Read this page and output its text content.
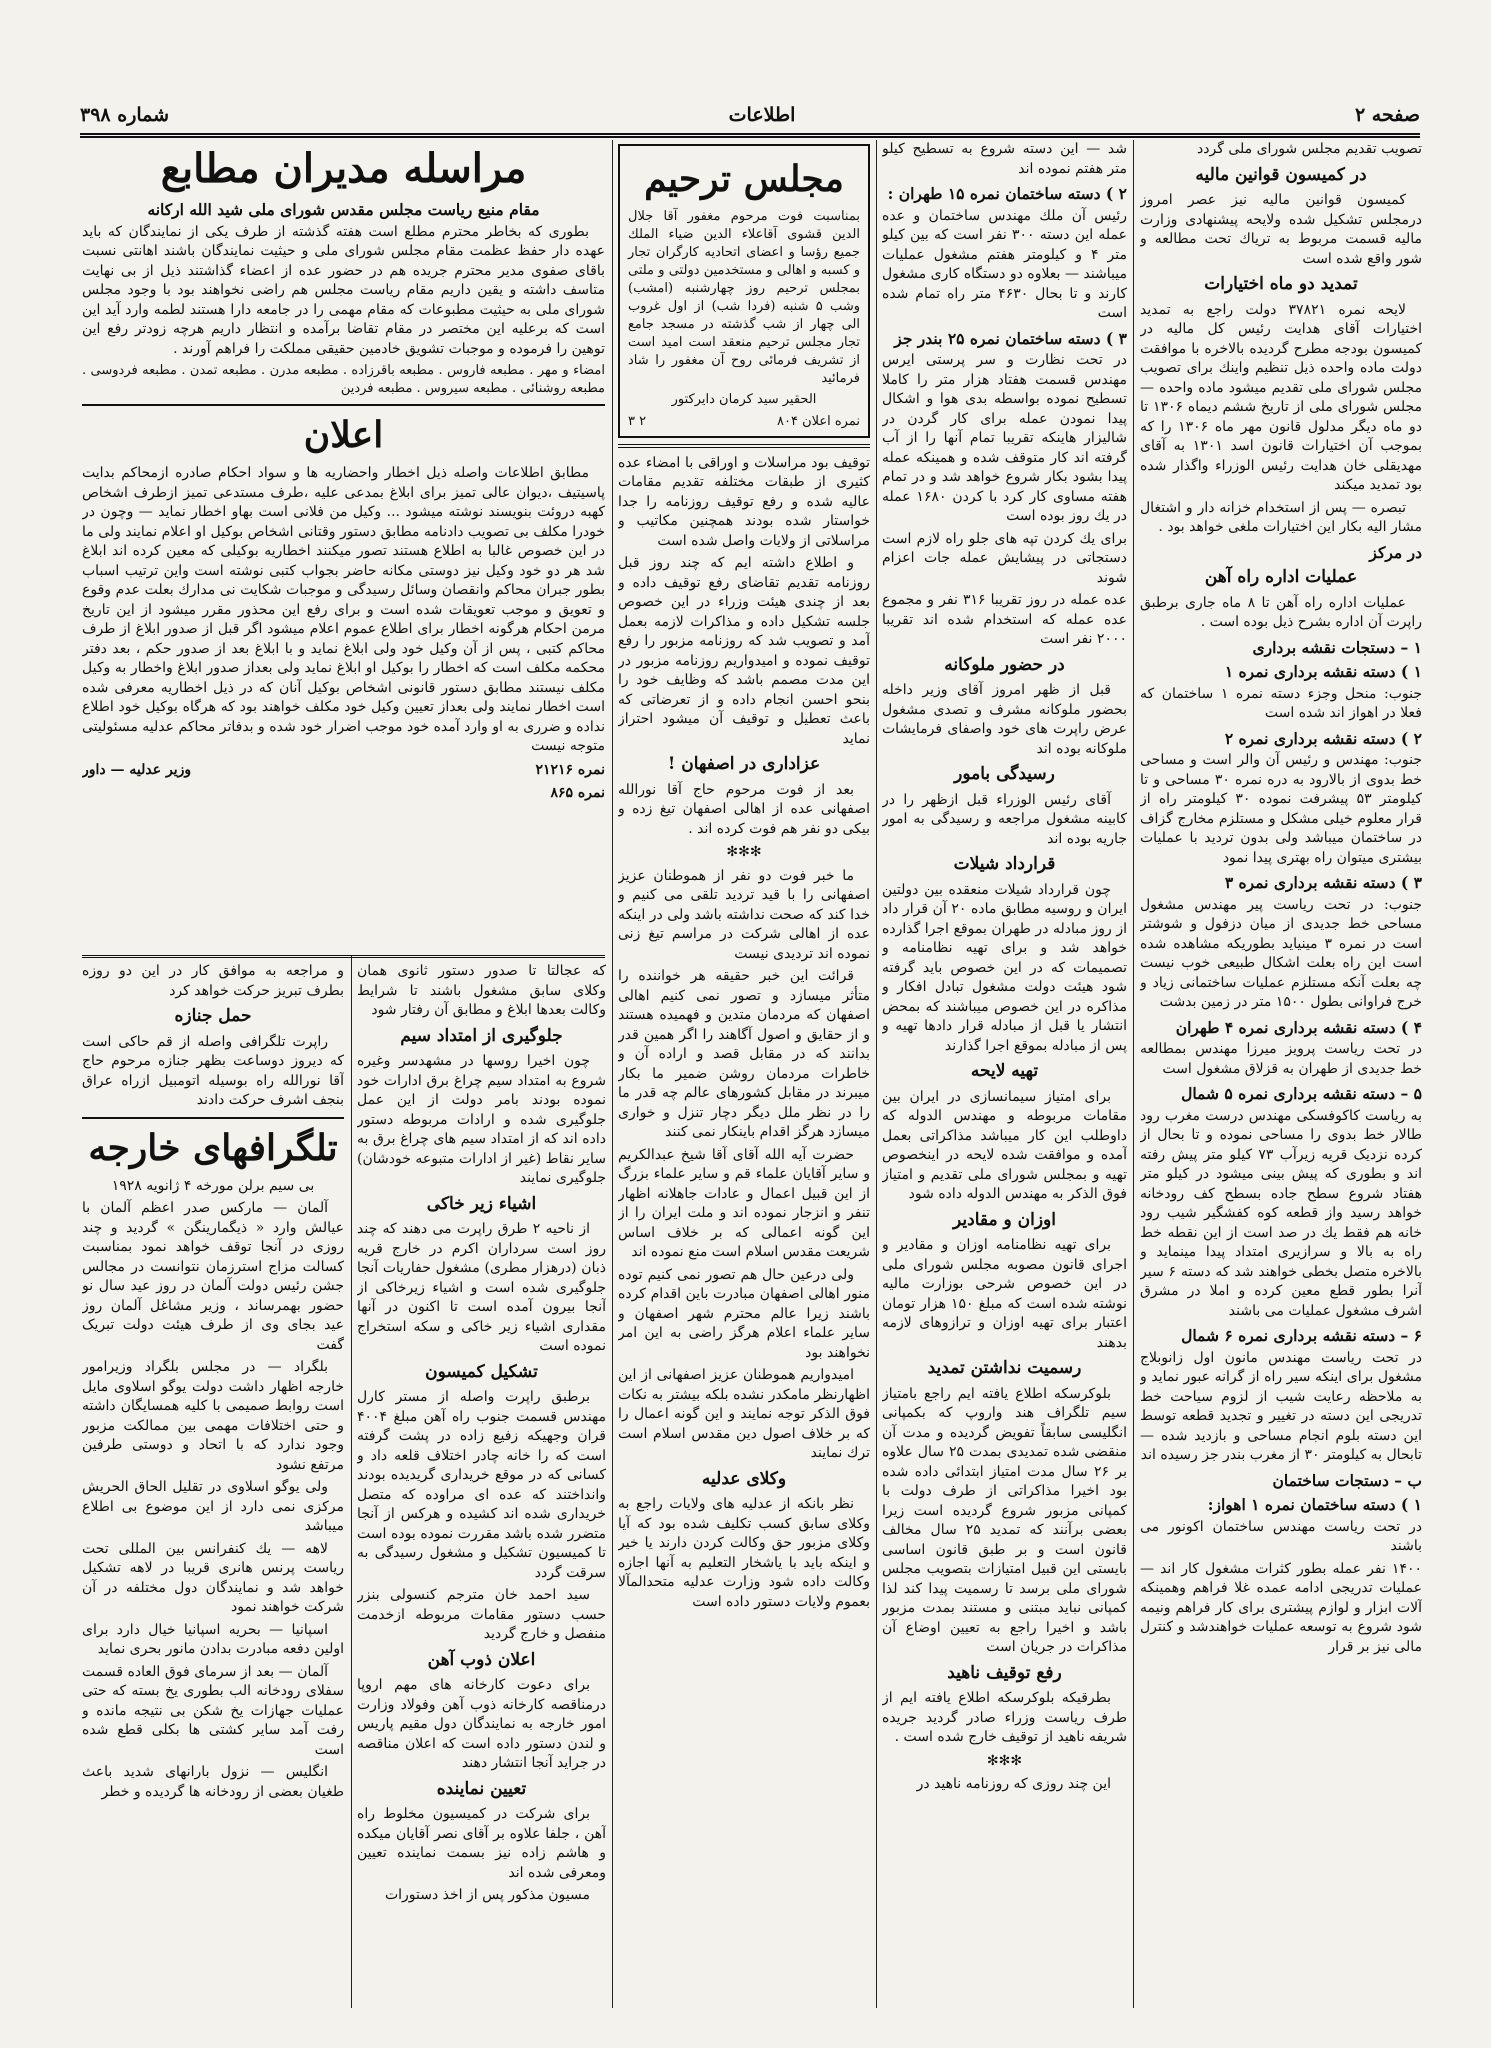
صفحه ۲
اطلاعات
شماره ۳۹۸

تصویب تقدیم مجلس شورای ملی گردد

در کمیسون قوانین مالیه

کمیسون قوانین مالیه نیز عصر امروز درمجلس تشکیل شده ولایحه پیشنهادی وزارت مالیه قسمت مربوط به تریاك تحت مطالعه و شور واقع شده است

تمدید دو ماه اختیارات

لایحه نمره ۳۷۸۲۱ دولت راجع به تمدید اختیارات آقای هدایت رئیس کل مالیه در کمیسون بودجه مطرح گردیده بالاخره با موافقت دولت ماده واحده ذیل تنظیم واینك برای تصویب مجلس شورای ملی تقدیم میشود ماده واحده — مجلس شورای ملی از تاریخ ششم دیماه ۱۳۰۶ تا دو ماه دیگر مدلول قانون مهر ماه ۱۳۰۶ را که بموجب آن اختیارات قانون اسد ۱۳۰۱ به آقای مهدیقلی خان هدایت رئیس الوزراء واگذار شده بود تمدید میکند

تبصره — پس از استخدام خزانه دار و اشتغال مشار الیه بکار این اختیارات ملغی خواهد بود .

در مرکز
عملیات اداره راه آهن

عملیات اداره راه آهن تا ۸ ماه جاری برطبق راپرت آن اداره بشرح ذیل بوده است .

۱ – دستجات نقشه برداری
۱ ) دسته نقشه برداری نمره ۱

جنوب: منحل وجزء دسته نمره ۱ ساختمان که فعلا در اهواز اند شده است

۲ ) دسته نقشه برداری نمره ۲

جنوب: مهندس و رئیس آن والر است و مساحی خط بدوی از بالارود به دره نمره ۳۰ مساحی و تا کیلومتر ۵۳ پیشرفت نموده ۳۰ کیلومتر راه از قرار معلوم خیلی مشکل و مستلزم مخارج گزاف در ساختمان میباشد ولی بدون تردید با عملیات بیشتری میتوان راه بهتری پیدا نمود

۳ ) دسته نقشه برداری نمره ۳

جنوب: در تحت ریاست پیر مهندس مشغول مساحی خط جدیدی از میان دزفول و شوشتر است در نمره ۳ مینیاید بطوریکه مشاهده شده است این راه بعلت اشکال طبیعی خوب نیست چه بعلت آنکه مستلزم عملیات ساختمانی زیاد و خرج فراوانی بطول ۱۵۰۰ متر در زمین بدشت

۴ ) دسته نقشه برداری نمره ۴ طهران

در تحت ریاست پرویز میرزا مهندس بمطالعه خط جدیدی از طهران به قزلاق مشغول است

۵ – دسته نقشه برداری نمره ۵ شمال

به ریاست کاکوفسکی مهندس درست مغرب رود طالار خط بدوی را مساحی نموده و تا بحال از کرده نزدیک قریه زیرآب ۷۳ کیلو متر پیش رفته اند و بطوری که پیش بینی میشود در کیلو متر هفتاد شروع سطح جاده بسطح کف رودخانه خواهد رسید واز قطعه کوه کفشگیر شیب رود خانه هم فقط یك در صد است از این نقطه خط راه به بالا و سرازیری امتداد پیدا مینماید و بالاخره متصل بخطی خواهند شد که دسته ۶ سیر آنرا بطور قطع معین کرده و املا در مشرق اشرف مشغول عملیات می باشند

۶ – دسته نقشه برداری نمره ۶ شمال

در تحت ریاست مهندس مانون اول زانوبلاج مشغول برای اینکه سیر راه از گرانه عبور نماید و به ملاحظه رعایت شیب از لزوم سیاحت خط تدریجی این دسته در تغییر و تجدید قطعه توسط این دسته بلوم انجام مساحی و بازدید شده — تابحال به کیلومتر ۳۰ از مغرب بندر جز رسیده اند

ب – دستجات ساختمان
۱ ) دسته ساختمان نمره ۱ اهواز:

در تحت ریاست مهندس ساختمان اکونور می باشند

۱۴۰۰ نفر عمله بطور کثرات مشغول کار اند — عملیات تدریجی ادامه عمده غلا فراهم وهمینکه آلات ابزار و لوازم پیشتری برای کار فراهم ونیمه شود شروع به توسعه عملیات خواهندشد و کنترل مالی نیز بر قرار

شد — این دسته شروع به تسطیح کیلو متر هفتم نموده اند

۲ ) دسته ساختمان نمره ۱۵ طهران :

رئیس آن ملك مهندس ساختمان و عده عمله این دسته ۳۰۰ نفر است که بین کیلو متر ۴ و کیلومتر هفتم مشغول عملیات میباشند — بعلاوه دو دستگاه کاری مشغول کارند و تا بحال ۴۶۳۰ متر راه تمام شده است

۳ ) دسته ساختمان نمره ۲۵ بندر جز

در تحت نظارت و سر پرستی ایرس مهندس قسمت هفتاد هزار متر را کاملا تسطیح نموده بواسطه بدی هوا و اشکال پیدا نمودن عمله برای کار گردن در شالیزار هاینکه تقریبا تمام آنها را از آب گرفته اند کار متوقف شده و همینکه عمله پیدا بشود بکار شروع خواهد شد و در تمام هفته مساوی کار کرد با کردن ۱۶۸۰ عمله در یك روز بوده است

برای یك کردن تپه های جلو راه لازم است دستجاتی در پیشایش عمله جات اعزام شوند

عده عمله در روز تقریبا ۳۱۶ نفر و مجموع عده عمله که استخدام شده اند تقریبا ۲۰۰۰ نفر است

در حضور ملوکانه

قبل از ظهر امروز آقای وزیر داخله بحضور ملوکانه مشرف و تصدی مشغول عرض راپرت های خود واصفای فرمایشات ملوکانه بوده اند

رسیدگی بامور

آقای رئیس الوزراء قبل ازظهر را در کابینه مشغول مراجعه و رسیدگی به امور جاریه بوده اند

قرارداد شیلات

چون قرارداد شیلات منعقده بین دولتین ایران و روسیه مطابق ماده ۲۰ آن قرار داد از روز مبادله در طهران بموقع اجرا گذارده خواهد شد و برای تهیه نظامنامه و تصمیمات که در این خصوص باید گرفته شود هیئت دولت مشغول تبادل افکار و مذاکره در این خصوص میباشند که بمحض انتشار یا قبل از مبادله قرار دادها تهیه و پس از مبادله بموقع اجرا گذارند

تهیه لایحه

برای امتیاز سیمانسازی در ایران بین مقامات مربوطه و مهندس الدوله که داوطلب این کار میباشد مذاکراتی بعمل آمده و موافقت شده لایحه در اینخصوص تهیه و بمجلس شورای ملی تقدیم و امتیاز فوق الذکر به مهندس الدوله داده شود

اوزان و مقادیر

برای تهیه نظامنامه اوزان و مقادیر و اجرای قانون مصوبه مجلس شورای ملی در این خصوص شرحی بوزارت مالیه نوشته شده است که مبلغ ۱۵۰ هزار تومان اعتبار برای تهیه اوزان و ترازوهای لازمه بدهند

رسمیت نداشتن تمدید

بلوکرسکه اطلاع یافته ایم راجع بامتیاز سیم تلگراف هند واروپ که بکمپانی انگلیسی سابقاً تفویض گردیده و مدت آن منقضی شده تمدیدی بمدت ۲۵ سال علاوه بر ۲۶ سال مدت امتیاز ابتدائی داده شده بود اخیرا مذاکراتی از طرف دولت با کمپانی مزبور شروع گردیده است زیرا بعضی برآنند که تمدید ۲۵ سال مخالف قانون است و بر طبق قانون اساسی بایستی این قبیل امتیازات بتصویب مجلس شورای ملی برسد تا رسمیت پیدا کند لذا کمپانی نباید مبتنی و مستند بمدت مزبور باشد و اخیرا راجع به تعیین اوضاع آن مذاکرات در جریان است

رفع توقیف ناهید

بطرقیکه بلوکرسکه اطلاع یافته ایم از طرف ریاست وزراء صادر گردید جریده شریفه ناهید از توقیف خارج شده است .

✻✻✻

این چند روزی که روزنامه ناهید در

مجلس ترحیم

بمناسبت فوت مرحوم مغفور آقا جلال الدین قشوی آقاعلاء الدین ضیاء الملك جمیع رؤسا و اعضای اتحادیه کارگران تجار و کسبه و اهالی و مستخدمین دولتی و ملتی بمجلس ترحیم روز چهارشنبه (امشب) وشب ۵ شنبه (فردا شب) از اول غروب الی چهار از شب گذشته در مسجد جامع تجار مجلس ترحیم منعقد است امید است از تشریف فرمائی روح آن مغفور را شاد فرمائید

الحقیر سید کرمان دایرکتور

نمره اعلان ۸۰۴
۲ ۳

توقیف بود مراسلات و اوراقی با امضاء عده کثیری از طبقات مختلفه تقدیم مقامات عالیه شده و رفع توقیف روزنامه را جدا خواستار شده بودند همچنین مکاتیب و مراسلاتی از ولایات واصل شده است

و اطلاع داشته ایم که چند روز قبل روزنامه تقدیم تقاضای رفع توقیف داده و بعد از چندی هیئت وزراء در این خصوص جلسه تشکیل داده و مذاکرات لازمه بعمل آمد و تصویب شد که روزنامه مزبور را رفع توقیف نموده و امیدواریم روزنامه مزبور در این مدت مصمم باشد که وظایف خود را بنحو احسن انجام داده و از تعرضاتی که باعث تعطیل و توقیف آن میشود احتراز نماید

عزاداری در اصفهان !

بعد از فوت مرحوم حاج آقا نورالله اصفهانی عده از اهالی اصفهان تیغ زده و بیکی دو نفر هم فوت کرده اند .

✻✻✻

ما خبر فوت دو نفر از هموطنان عزیز اصفهانی را با قید تردید تلقی می کنیم و خدا کند که صحت نداشته باشد ولی در اینکه عده از اهالی شرکت در مراسم تیغ زنی نموده اند تردیدی نیست

قرائت این خبر حقیقه هر خواننده را متأثر میسازد و تصور نمی کنیم اهالی اصفهان که مردمان متدین و فهمیده هستند و از حقایق و اصول آگاهند را اگر همین قدر بدانند که در مقابل قصد و اراده آن و خاطرات مردمان روشن ضمیر ما بکار میبرند در مقابل کشورهای عالم چه قدر ما را در نظر ملل دیگر دچار تنزل و خواری میسازد هرگز اقدام باینکار نمی کنند

حضرت آیه الله آقای آقا شیخ عبدالکریم و سایر آقایان علماء قم و سایر علماء بزرگ از این قبیل اعمال و عادات جاهلانه اظهار تنفر و انزجار نموده اند و ملت ایران را از این گونه اعمالی که بر خلاف اساس شریعت مقدس اسلام است منع نموده اند

ولی درعین حال هم تصور نمی کنیم توده منور اهالی اصفهان مبادرت باین اقدام کرده باشند زیرا عالم محترم شهر اصفهان و سایر علماء اعلام هرگز راضی به این امر نخواهند بود

امیدواریم هموطنان عزیز اصفهانی از این اظهارنظر مامکدر نشده بلکه بیشتر به نکات فوق الذکر توجه نمایند و این گونه اعمال را که بر خلاف اصول دین مقدس اسلام است ترك نمایند

وکلای عدلیه

نظر بانکه از عدلیه های ولایات راجع به وکلای سابق کسب تکلیف شده بود که آیا وکلای مزبور حق وکالت کردن دارند یا خیر و اینکه باید با یاشخار التعلیم به آنها اجازه وکالت داده شود وزارت عدلیه متحدالمآلا بعموم ولایات دستور داده است

مراسله مدیران مطابع
مقام منیع ریاست مجلس مقدس شورای ملی شید الله ارکانه

بطوری که بخاطر محترم مطلع است هفته گذشته از طرف یکی از نمایندگان که باید عهده دار حفظ عظمت مقام مجلس شورای ملی و حیثیت نمایندگان باشند اهانتی نسبت باقای صفوی مدیر محترم جریده هم در حضور عده از اعضاء گذاشتند ذیل از بی نهایت متاسف داشته و یقین داریم مقام ریاست مجلس هم راضی نخواهند بود با وجود مجلس شورای ملی به حیثیت مطبوعات که مقام مهمی را در جامعه دارا هستند لطمه وارد آید این است که برعلیه این مختصر در مقام تقاضا برآمده و انتظار داریم هرچه زودتر رفع این توهین را فرموده و موجبات تشویق خادمین حقیقی مملکت را فراهم آورند .

امضاء و مهر . مطبعه فاروس . مطبعه باقرزاده . مطبعه مدرن . مطبعه تمدن . مطبعه فردوسی . مطبعه روشنائی . مطبعه سیروس . مطبعه فردین

اعلان

مطابق اطلاعات واصله ذیل اخطار واحضاریه ها و سواد احکام صادره ازمحاکم بدایت پاسیتیف ،دیوان عالی تمیز برای ابلاغ بمدعی علیه ،طرف مستدعی تمیز ازطرف اشخاص کهبه دروئت بنویسند نوشته میشود ... وکیل من فلانی است بهاو اخطار نماید — وچون در خودرا مکلف بی تصویب دادنامه مطابق دستور وقتانی اشخاص بوکیل او اعلام نمایند ولی ما در این خصوص غالبا به اطلاع هستند تصور میکنند اخطاریه بوکیلی که معین کرده اند ابلاغ شد هر دو خود وکیل نیز دوستی مکانه حاضر بجواب کتبی نوشته است واین ترتیب اسباب بطور جبران محاکم وانقصان وسائل رسیدگی و موجبات شکایت نی مدارك بعلت عدم وقوع و تعویق و موجب تعویقات شده است و برای رفع این محذور مقرر میشود از این تاریخ مرمن احکام هرگونه اخطار برای اطلاع عموم اعلام میشود اگر قبل از صدور ابلاغ از طرف محاکم کتبی ، پس از آن وکیل خود ولی ابلاغ نماید و با ابلاغ بعد از صدور حکم ، بعد دفتر محکمه مکلف است که اخطار را بوکیل او ابلاغ نماید ولی بعداز صدور ابلاغ واخطار به وکیل مکلف نیستند مطابق دستور قانونی اشخاص بوکیل آنان که در ذیل اخطاریه معرفی شده است اخطار نمایند ولی بعداز تعیین وکیل خود مکلف خواهند بود که هرگاه بوکیل خود اطلاع نداده و ضرری به او وارد آمده خود موجب اضرار خود شده و بدفاتر محاکم عدلیه مسئولیتی متوجه نیست

نمره ۲۱۲۱۶
وزیر عدلیه — داور
نمره ۸۶۵

که عجالتا تا صدور دستور ثانوی همان وکلای سابق مشغول باشند تا شرایط وکالت بعدها ابلاغ و مطابق آن رفتار شود

جلوگیری از امتداد سیم

چون اخیرا روسها در مشهدسر وغیره شروع به امتداد سیم چراغ برق ادارات خود نموده بودند بامر دولت از این عمل جلوگیری شده و ارادات مربوطه دستور داده اند که از امتداد سیم های چراغ برق به سایر نقاط (غیر از ادارات متبوعه خودشان) جلوگیری نمایند

اشیاء زیر خاکی

از ناحیه ۲ طرق راپرت می دهند که چند روز است سرداران اکرم در خارج قریه ذبان (درهزار مطری) مشغول حفاریات آنجا جلوگیری شده است و اشیاء زیرخاکی از آنجا بیرون آمده است تا اکنون در آنها مقداری اشیاء زیر خاکی و سکه استخراج نموده است

تشکیل کمیسون

برطبق راپرت واصله از مستر کارل مهندس قسمت جنوب راه آهن مبلغ ۴۰۰۴ قران وجهیکه زفیع زاده در پشت گرفته است که را خانه چادر اختلاف قلعه داد و کسانی که در موقع خریداری گریدیده بودند وانداختند که عده ای مراوده که متصل خریداری شده اند کشیده و هرکس از آنجا متضرر شده باشد مقررت نموده بوده است تا کمیسیون تشکیل و مشغول رسیدگی به سرقت گردد

سید احمد خان مترجم کنسولی بنزر حسب دستور مقامات مربوطه ازخدمت منفصل و خارج گردید

اعلان ذوب آهن

برای دعوت کارخانه های مهم اروپا درمناقصه کارخانه ذوب آهن وفولاد وزارت امور خارجه به نمایندگان دول مقیم پاریس و لندن دستور داده است که اعلان مناقصه در جراید آنجا انتشار دهند

تعیین نماینده

برای شرکت در کمیسیون مخلوط راه آهن ، جلفا علاوه بر آقای نصر آقایان میکده و هاشم زاده نیز بسمت نماینده تعیین ومعرفی شده اند

مسیون مذکور پس از اخذ دستورات

و مراجعه به موافق کار در این دو روزه بطرف تبریز حرکت خواهد کرد

حمل جنازه

راپرت تلگرافی واصله از قم حاکی است که دیروز دوساعت بظهر جنازه مرحوم حاج آقا نورالله راه بوسیله اتومبیل ازراه عراق بنجف اشرف حرکت دادند

تلگرافهای خارجه

بی سیم برلن مورخه ۴ ژانویه ۱۹۲۸

آلمان — مارکس صدر اعظم آلمان با عیالش وارد « ذیگمارینگن » گردید و چند روزی در آنجا توقف خواهد نمود بمناسبت کسالت مزاج استرزمان نتوانست در مجالس جشن رئیس دولت آلمان در روز عید سال نو حضور بهمرساند ، وزیر مشاغل آلمان روز عید بجای وی از طرف هیئت دولت تبریک گفت

بلگراد — در مجلس بلگراد وزیرامور خارجه اظهار داشت دولت یوگو اسلاوی مایل است روابط صمیمی با کلیه همسایگان داشته و حتی اختلافات مهمی بین ممالکت مزبور وجود ندارد که با اتحاد و دوستی طرفین مرتفع نشود

ولی یوگو اسلاوی در تقلیل الحاق الحریش مرکزی نمی دارد از این موضوع بی اطلاع میباشد

لاهه — یك کنفرانس بین المللی تحت ریاست پرنس هانری قریبا در لاهه تشکیل خواهد شد و نمایندگان دول مختلفه در آن شرکت خواهند نمود

اسپانیا — بحریه اسپانیا خیال دارد برای اولین دفعه مبادرت بدادن مانور بحری نماید

آلمان — بعد از سرمای فوق العاده قسمت سفلای رودخانه الب بطوری یخ بسته که حتی عملیات جهازات یخ شکن بی نتیجه مانده و رفت آمد سایر کشتی ها بکلی قطع شده است

انگلیس — نزول بارانهای شدید باعث طغیان بعضی از رودخانه ها گردیده و خطر
